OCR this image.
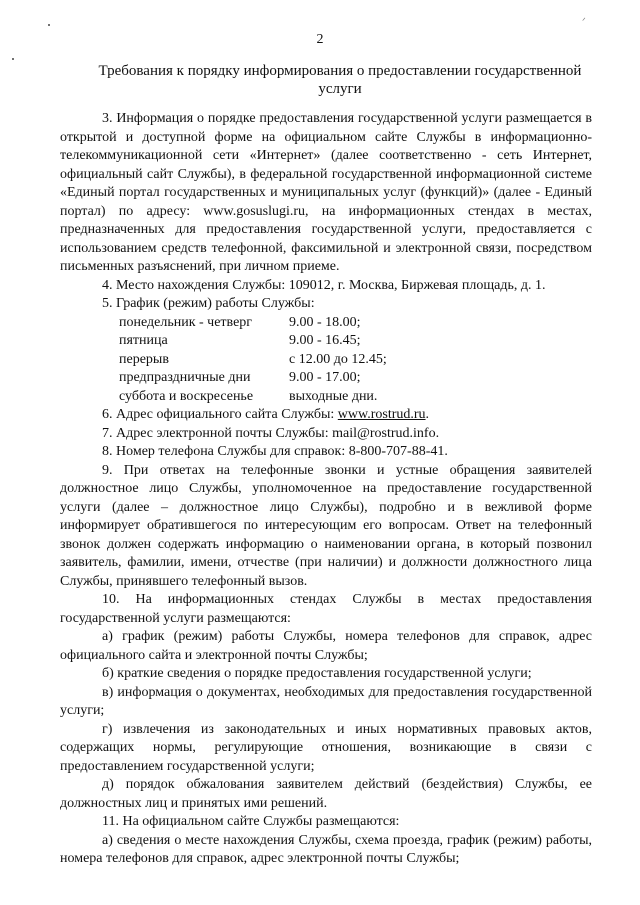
ᐟ
2
Требования к порядку информирования о предоставлении государственной услуги

3. Информация о порядке предоставления государственной услуги размещается в открытой и доступной форме на официальном сайте Службы в информационно-телекоммуникационной сети «Интернет» (далее соответственно - сеть Интернет, официальный сайт Службы), в федеральной государственной информационной системе «Единый портал государственных и муниципальных услуг (функций)» (далее - Единый портал) по адресу: www.gosuslugi.ru, на информационных стендах в местах, предназначенных для предоставления государственной услуги, предоставляется с использованием средств телефонной, факсимильной и электронной связи, посредством письменных разъяснений, при личном приеме.

4. Место нахождения Службы: 109012, г. Москва, Биржевая площадь, д. 1.

5. График (режим) работы Службы:

понедельник - четверг	9.00 - 18.00;
пятница	9.00 - 16.45;
перерыв	с 12.00 до 12.45;
предпраздничные дни	9.00 - 17.00;
суббота и воскресенье	выходные дни.

6. Адрес официального сайта Службы: www.rostrud.ru.

7. Адрес электронной почты Службы: mail@rostrud.info.

8. Номер телефона Службы для справок: 8-800-707-88-41.

9. При ответах на телефонные звонки и устные обращения заявителей должностное лицо Службы, уполномоченное на предоставление государственной услуги (далее – должностное лицо Службы), подробно и в вежливой форме информирует обратившегося по интересующим его вопросам. Ответ на телефонный звонок должен содержать информацию о наименовании органа, в который позвонил заявитель, фамилии, имени, отчестве (при наличии) и должности должностного лица Службы, принявшего телефонный вызов.

10. На информационных стендах Службы в местах предоставления государственной услуги размещаются:

а) график (режим) работы Службы, номера телефонов для справок, адрес официального сайта и электронной почты Службы;

б) краткие сведения о порядке предоставления государственной услуги;

в) информация о документах, необходимых для предоставления государственной услуги;

г) извлечения из законодательных и иных нормативных правовых актов, содержащих нормы, регулирующие отношения, возникающие в связи с предоставлением государственной услуги;

д) порядок обжалования заявителем действий (бездействия) Службы, ее должностных лиц и принятых ими решений.

11. На официальном сайте Службы размещаются:

а) сведения о месте нахождения Службы, схема проезда, график (режим) работы, номера телефонов для справок, адрес электронной почты Службы;
